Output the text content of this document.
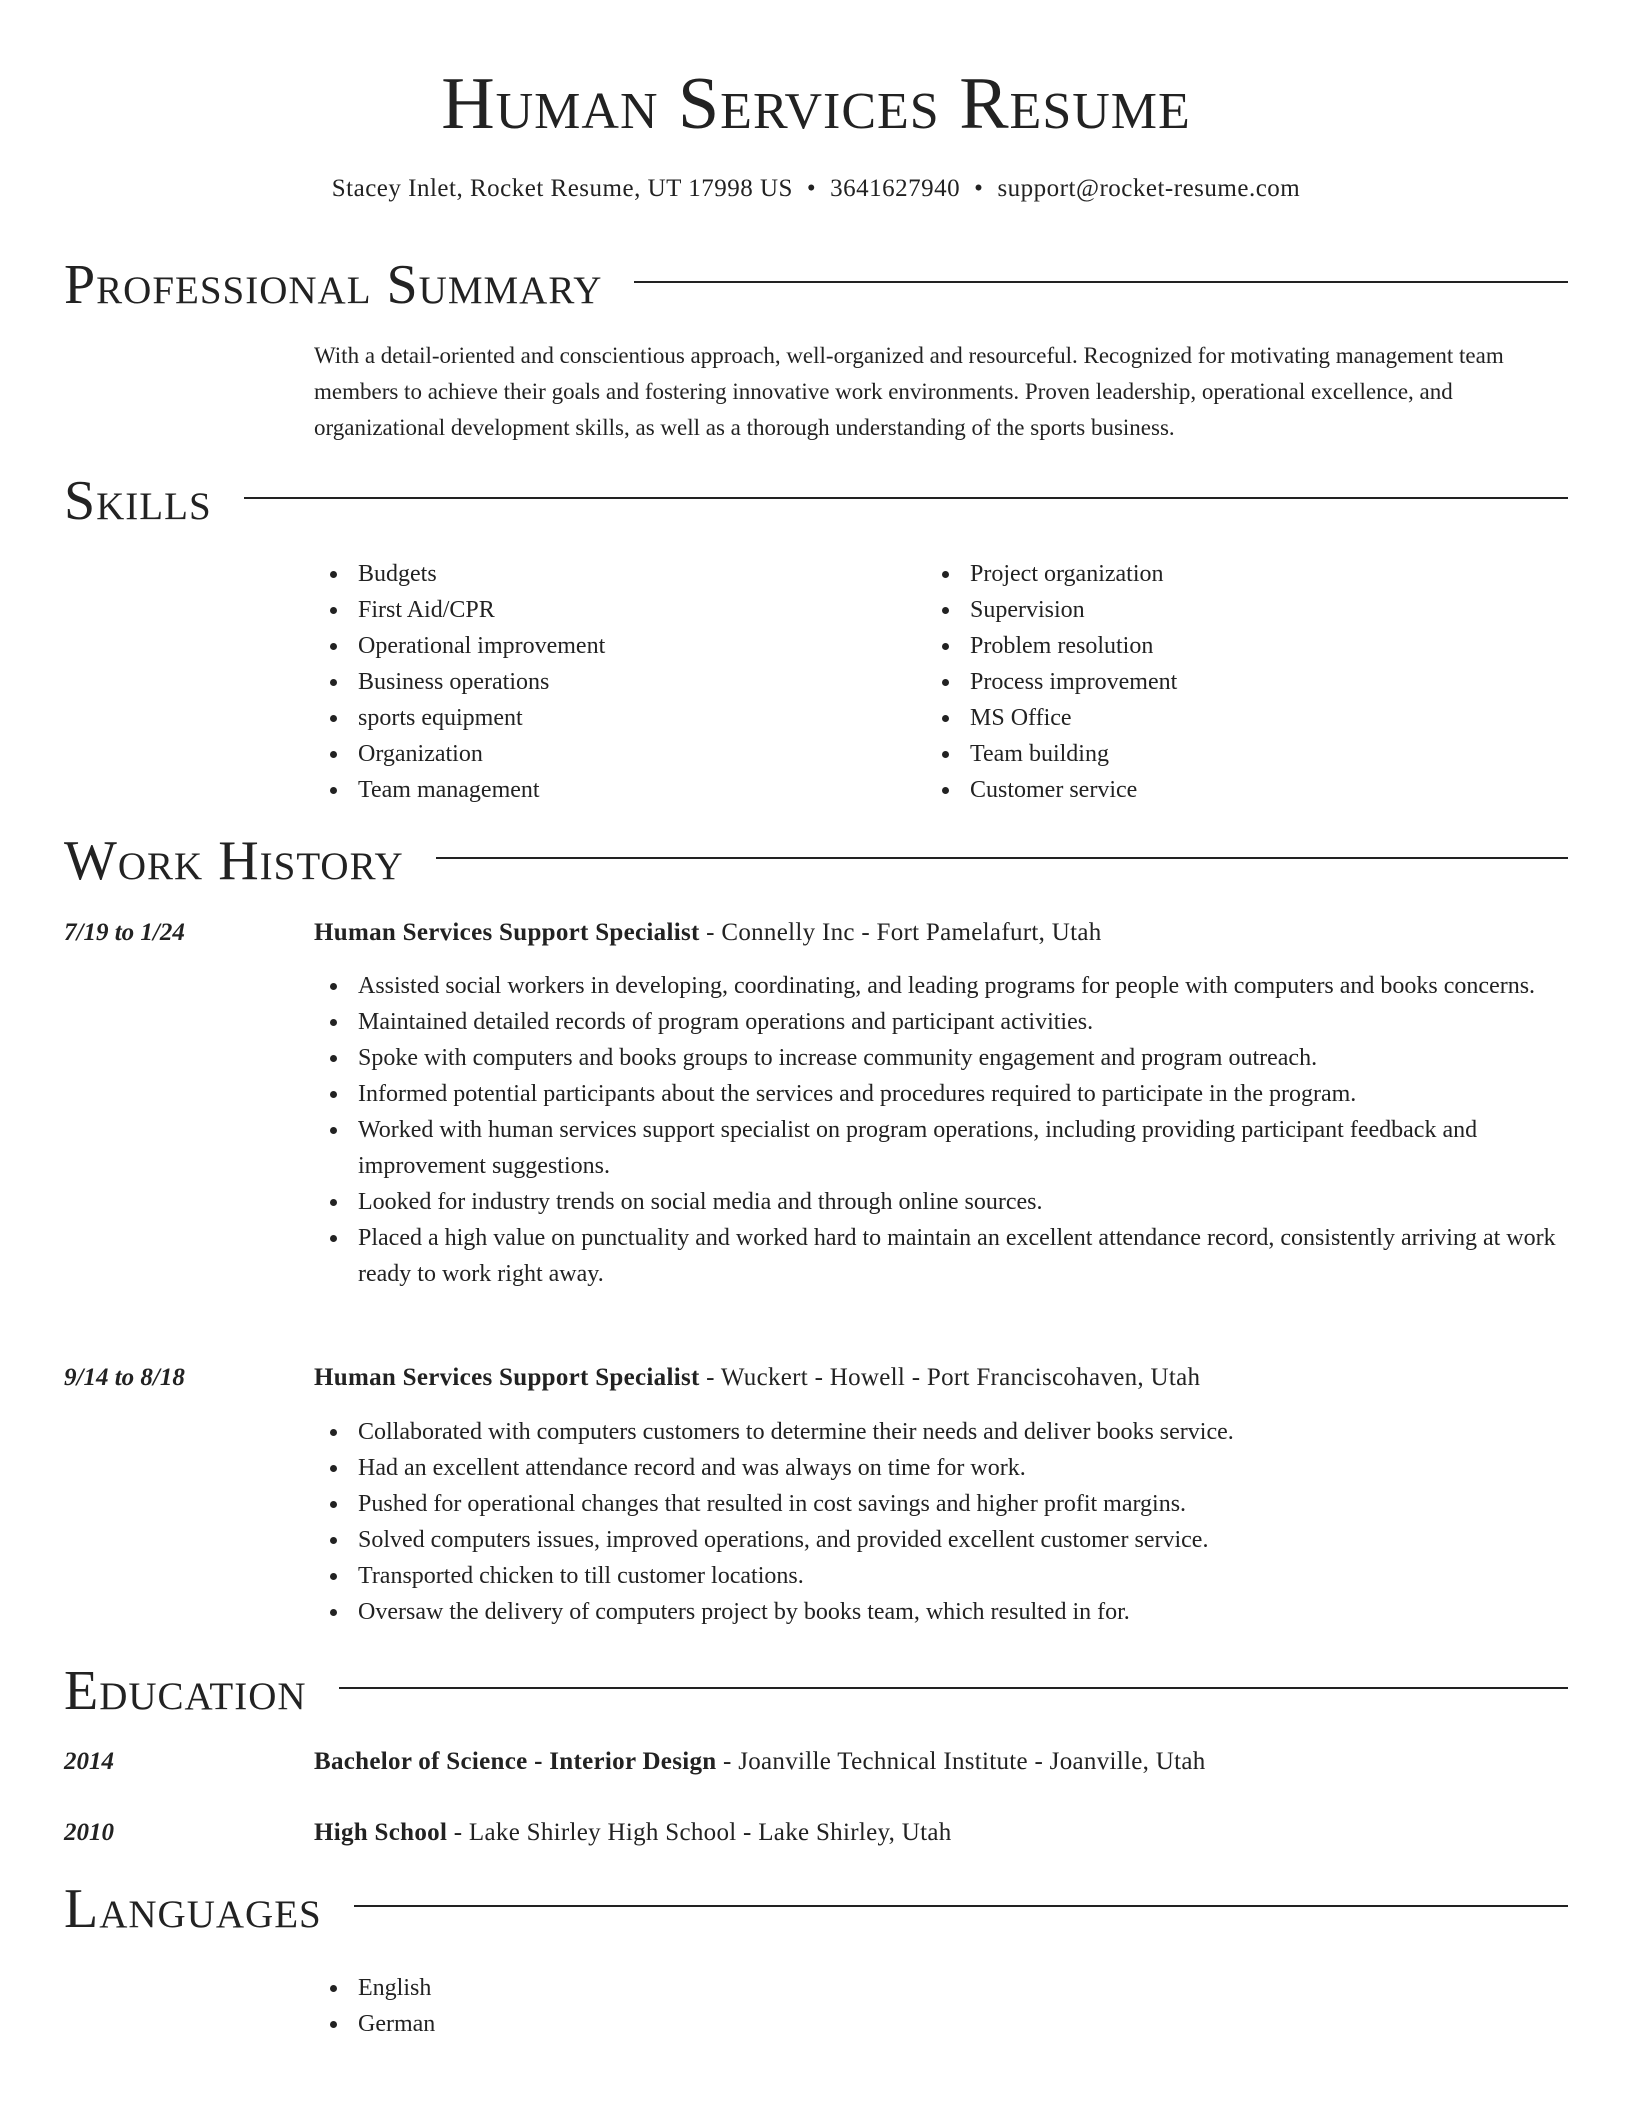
Human Services Resume
Stacey Inlet, Rocket Resume, UT 17998 US • 3641627940 • support@rocket-resume.com
Professional Summary

With a detail-oriented and conscientious approach, well-organized and resourceful. Recognized for motivating management team members to achieve their goals and fostering innovative work environments. Proven leadership, operational excellence, and organizational development skills, as well as a thorough understanding of the sports business.

Skills
Budgets
First Aid/CPR
Operational improvement
Business operations
sports equipment
Organization
Team management
Project organization
Supervision
Problem resolution
Process improvement
MS Office
Team building
Customer service
Work History
7/19 to 1/24	Human Services Support Specialist - Connelly Inc - Fort Pamelafurt, Utah
Assisted social workers in developing, coordinating, and leading programs for people with computers and books concerns.
Maintained detailed records of program operations and participant activities.
Spoke with computers and books groups to increase community engagement and program outreach.
Informed potential participants about the services and procedures required to participate in the program.
Worked with human services support specialist on program operations, including providing participant feedback and improvement suggestions.
Looked for industry trends on social media and through online sources.
Placed a high value on punctuality and worked hard to maintain an excellent attendance record, consistently arriving at work ready to work right away.
9/14 to 8/18	Human Services Support Specialist - Wuckert - Howell - Port Franciscohaven, Utah
Collaborated with computers customers to determine their needs and deliver books service.
Had an excellent attendance record and was always on time for work.
Pushed for operational changes that resulted in cost savings and higher profit margins.
Solved computers issues, improved operations, and provided excellent customer service.
Transported chicken to till customer locations.
Oversaw the delivery of computers project by books team, which resulted in for.
Education
2014	Bachelor of Science - Interior Design - Joanville Technical Institute - Joanville, Utah
2010	High School - Lake Shirley High School - Lake Shirley, Utah
Languages
English
German
